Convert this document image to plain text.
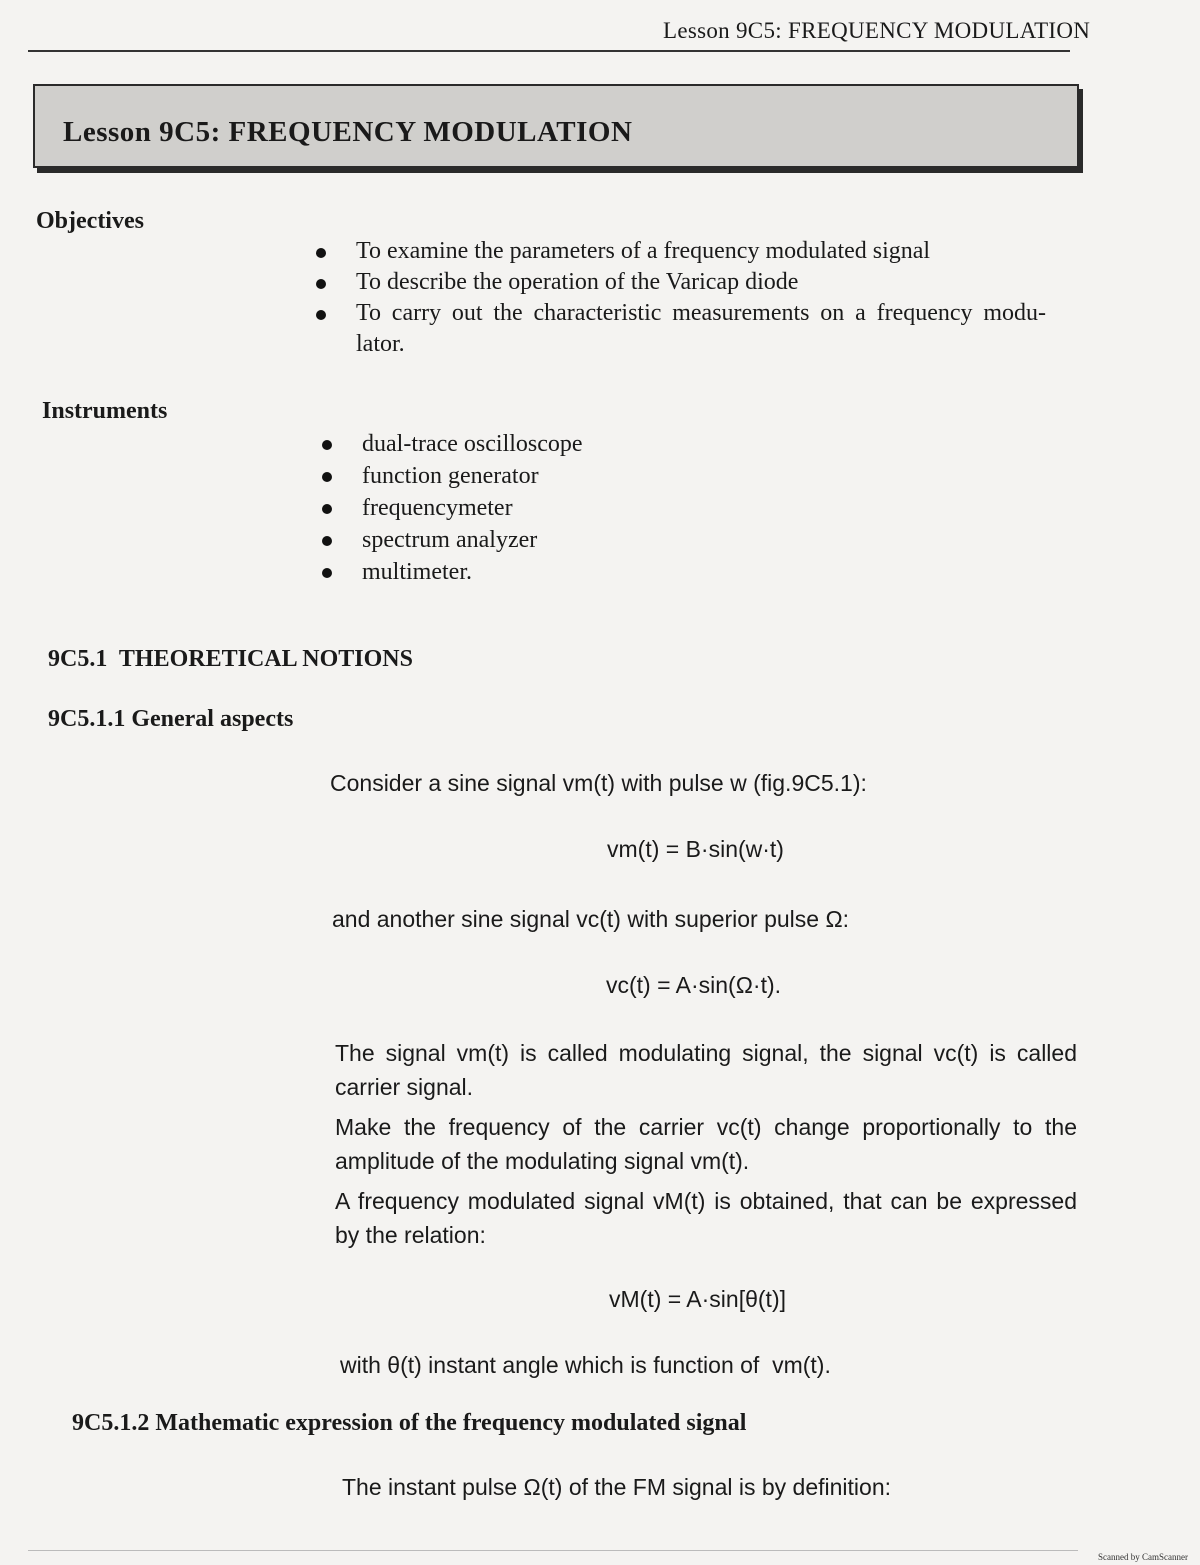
Lesson 9C5: FREQUENCY MODULATION
Lesson 9C5: FREQUENCY MODULATION
Objectives
To examine the parameters of a frequency modulated signal
To describe the operation of the Varicap diode
To carry out the characteristic measurements on a frequency modu-lator.
Instruments
dual-trace oscilloscope
function generator
frequencymeter
spectrum analyzer
multimeter.
9C5.1  THEORETICAL NOTIONS
9C5.1.1 General aspects
Consider a sine signal vm(t) with pulse w (fig.9C5.1):
vm(t) = B·sin(w·t)
and another sine signal vc(t) with superior pulse Ω:
vc(t) = A·sin(Ω·t).
The signal vm(t) is called modulating signal, the signal vc(t) is called carrier signal.
Make the frequency of the carrier vc(t) change proportionally to the amplitude of the modulating signal vm(t).
A frequency modulated signal vM(t) is obtained, that can be expressed by the relation:
vM(t) = A·sin[θ(t)]
with θ(t) instant angle which is function of  vm(t).
9C5.1.2 Mathematic expression of the frequency modulated signal
The instant pulse Ω(t) of the FM signal is by definition:
Scanned by CamScanner
